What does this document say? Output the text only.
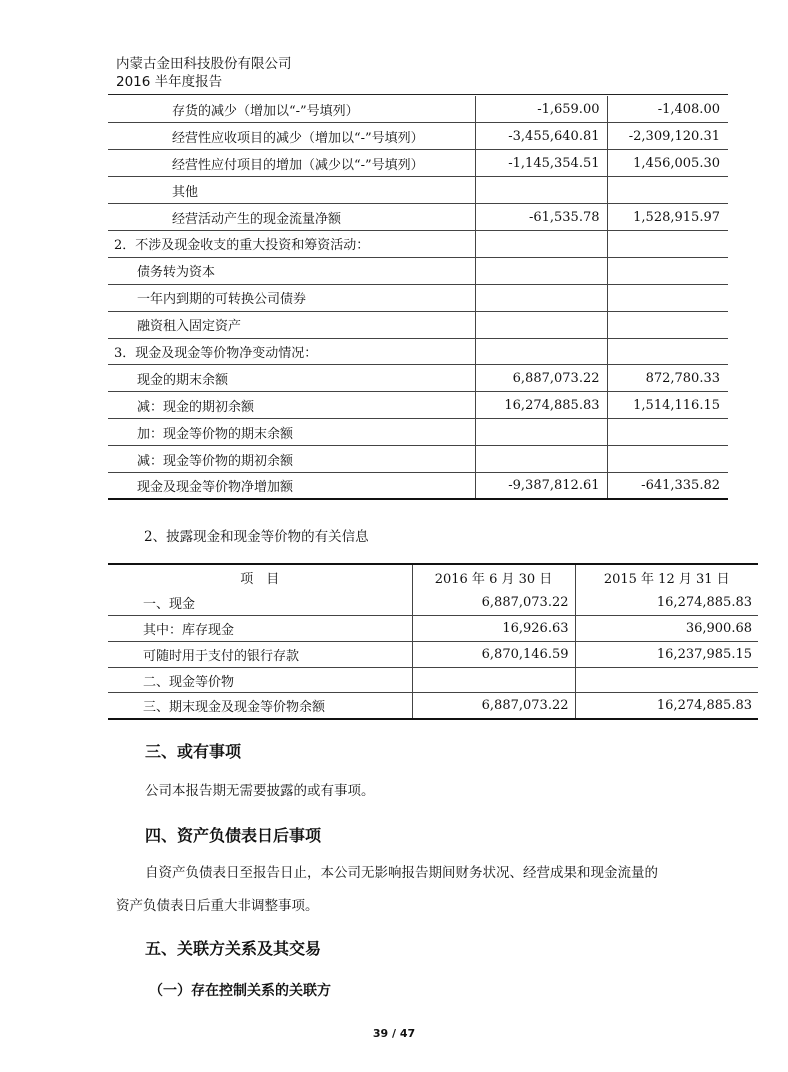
内蒙古金田科技股份有限公司
2016 半年度报告
存货的减少（增加以“-”号填列）	-1,659.00	-1,408.00
经营性应收项目的减少（增加以“-”号填列）	-3,455,640.81	-2,309,120.31
经营性应付项目的增加（减少以“-”号填列）	-1,145,354.51	1,456,005.30
其他		
经营活动产生的现金流量净额	-61,535.78	1,528,915.97
2．不涉及现金收支的重大投资和筹资活动：		
债务转为资本		
一年内到期的可转换公司债券		
融资租入固定资产		
3．现金及现金等价物净变动情况：		
现金的期末余额	6,887,073.22	872,780.33
减：现金的期初余额	16,274,885.83	1,514,116.15
加：现金等价物的期末余额		
减：现金等价物的期初余额		
现金及现金等价物净增加额	-9,387,812.61	-641,335.82
2、披露现金和现金等价物的有关信息
项　目	2016 年 6 月 30 日	2015 年 12 月 31 日
一、现金	6,887,073.22	16,274,885.83
其中：库存现金	16,926.63	36,900.68
可随时用于支付的银行存款	6,870,146.59	16,237,985.15
二、现金等价物		
三、期末现金及现金等价物余额	6,887,073.22	16,274,885.83
三、或有事项
公司本报告期无需要披露的或有事项。
四、资产负债表日后事项
自资产负债表日至报告日止，本公司无影响报告期间财务状况、经营成果和现金流量的
资产负债表日后重大非调整事项。
五、关联方关系及其交易
（一）存在控制关系的关联方
39 / 47
